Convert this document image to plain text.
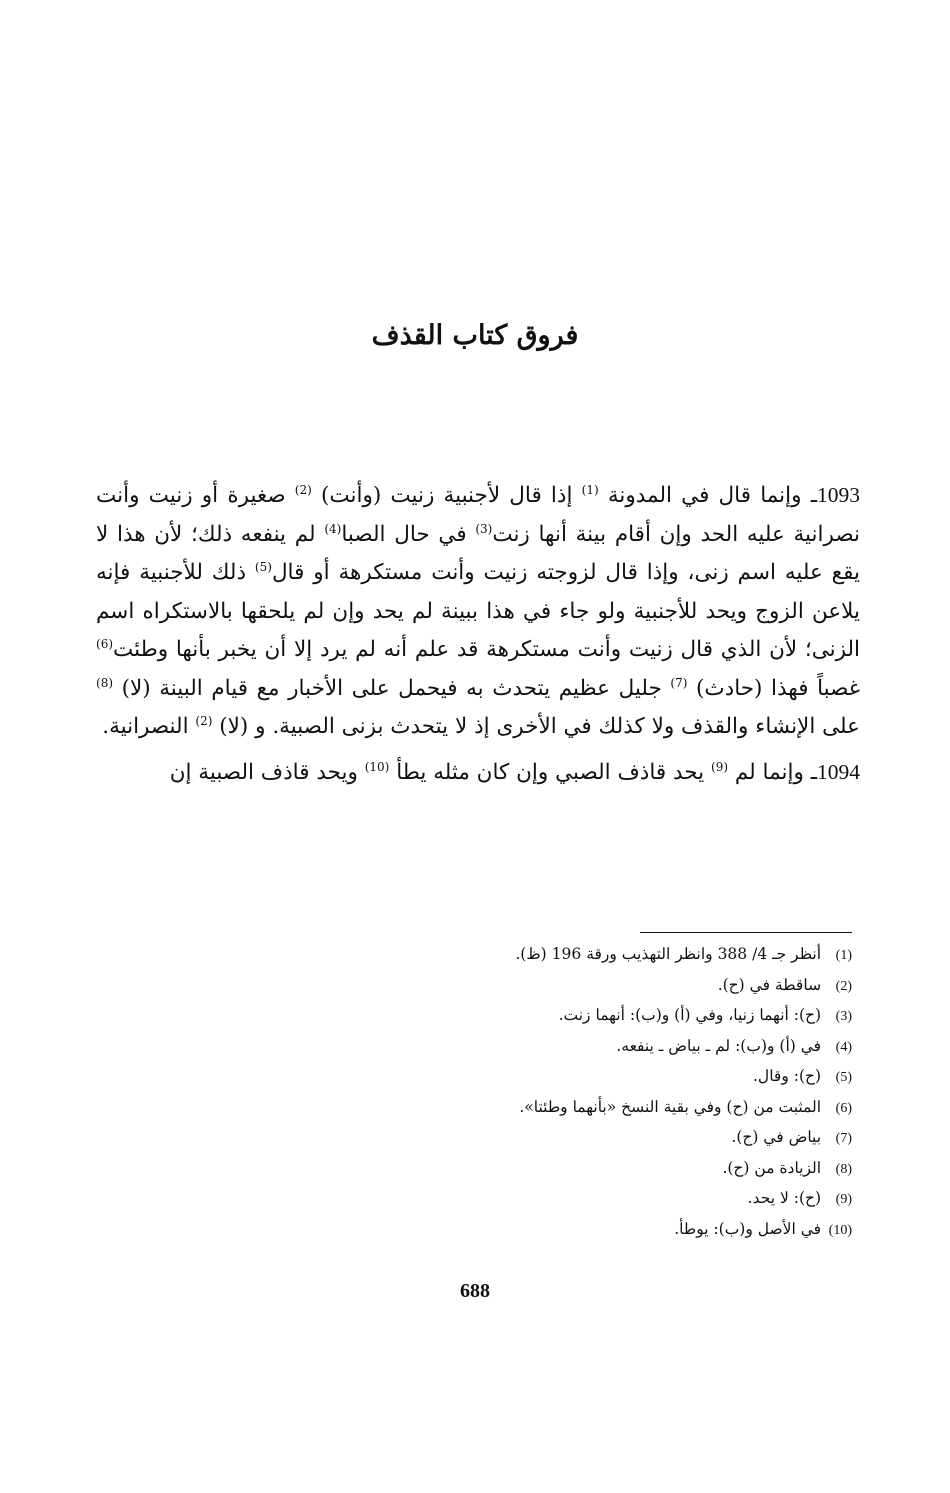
فروق كتاب القذف

1093ـ وإنما قال في المدونة $^{(1)}$ إذا قال لأجنبية زنيت (وأنت) $^{(2)}$ صغيرة أو زنيت وأنت نصرانية عليه الحد وإن أقام بينة أنها زنت$^{(3)}$ في حال الصبا$^{(4)}$ لم ينفعه ذلك؛ لأن هذا لا يقع عليه اسم زنى، وإذا قال لزوجته زنيت وأنت مستكرهة أو قال$^{(5)}$ ذلك للأجنبية فإنه يلاعن الزوج ويحد للأجنبية ولو جاء في هذا ببينة لم يحد وإن لم يلحقها بالاستكراه اسم الزنى؛ لأن الذي قال زنيت وأنت مستكرهة قد علم أنه لم يرد إلا أن يخبر بأنها وطئت$^{(6)}$ غصباً فهذا (حادث) $^{(7)}$ جليل عظيم يتحدث به فيحمل على الأخبار مع قيام البينة (لا) $^{(8)}$ على الإنشاء والقذف ولا كذلك في الأخرى إذ لا يتحدث بزنى الصبية. و (لا) $^{(2)}$ النصرانية.

1094ـ وإنما لم $^{(9)}$ يحد قاذف الصبي وإن كان مثله يطأ $^{(10)}$ ويحد قاذف الصبية إن

(1) أنظر جـ 4/ 388 وانظر التهذيب ورقة 196 (ظ).
(2) ساقطة في (ح).
(3) (ح): أنهما زنيا، وفي (أ) و(ب): أنهما زنت.
(4) في (أ) و(ب): لم ـ بياض ـ ينفعه.
(5) (ح): وقال.
(6) المثبت من (ح) وفي بقية النسخ «بأنهما وطئتا».
(7) بياض في (ح).
(8) الزيادة من (ح).
(9) (ح): لا يحد.
(10) في الأصل و(ب): يوطأ.
688
